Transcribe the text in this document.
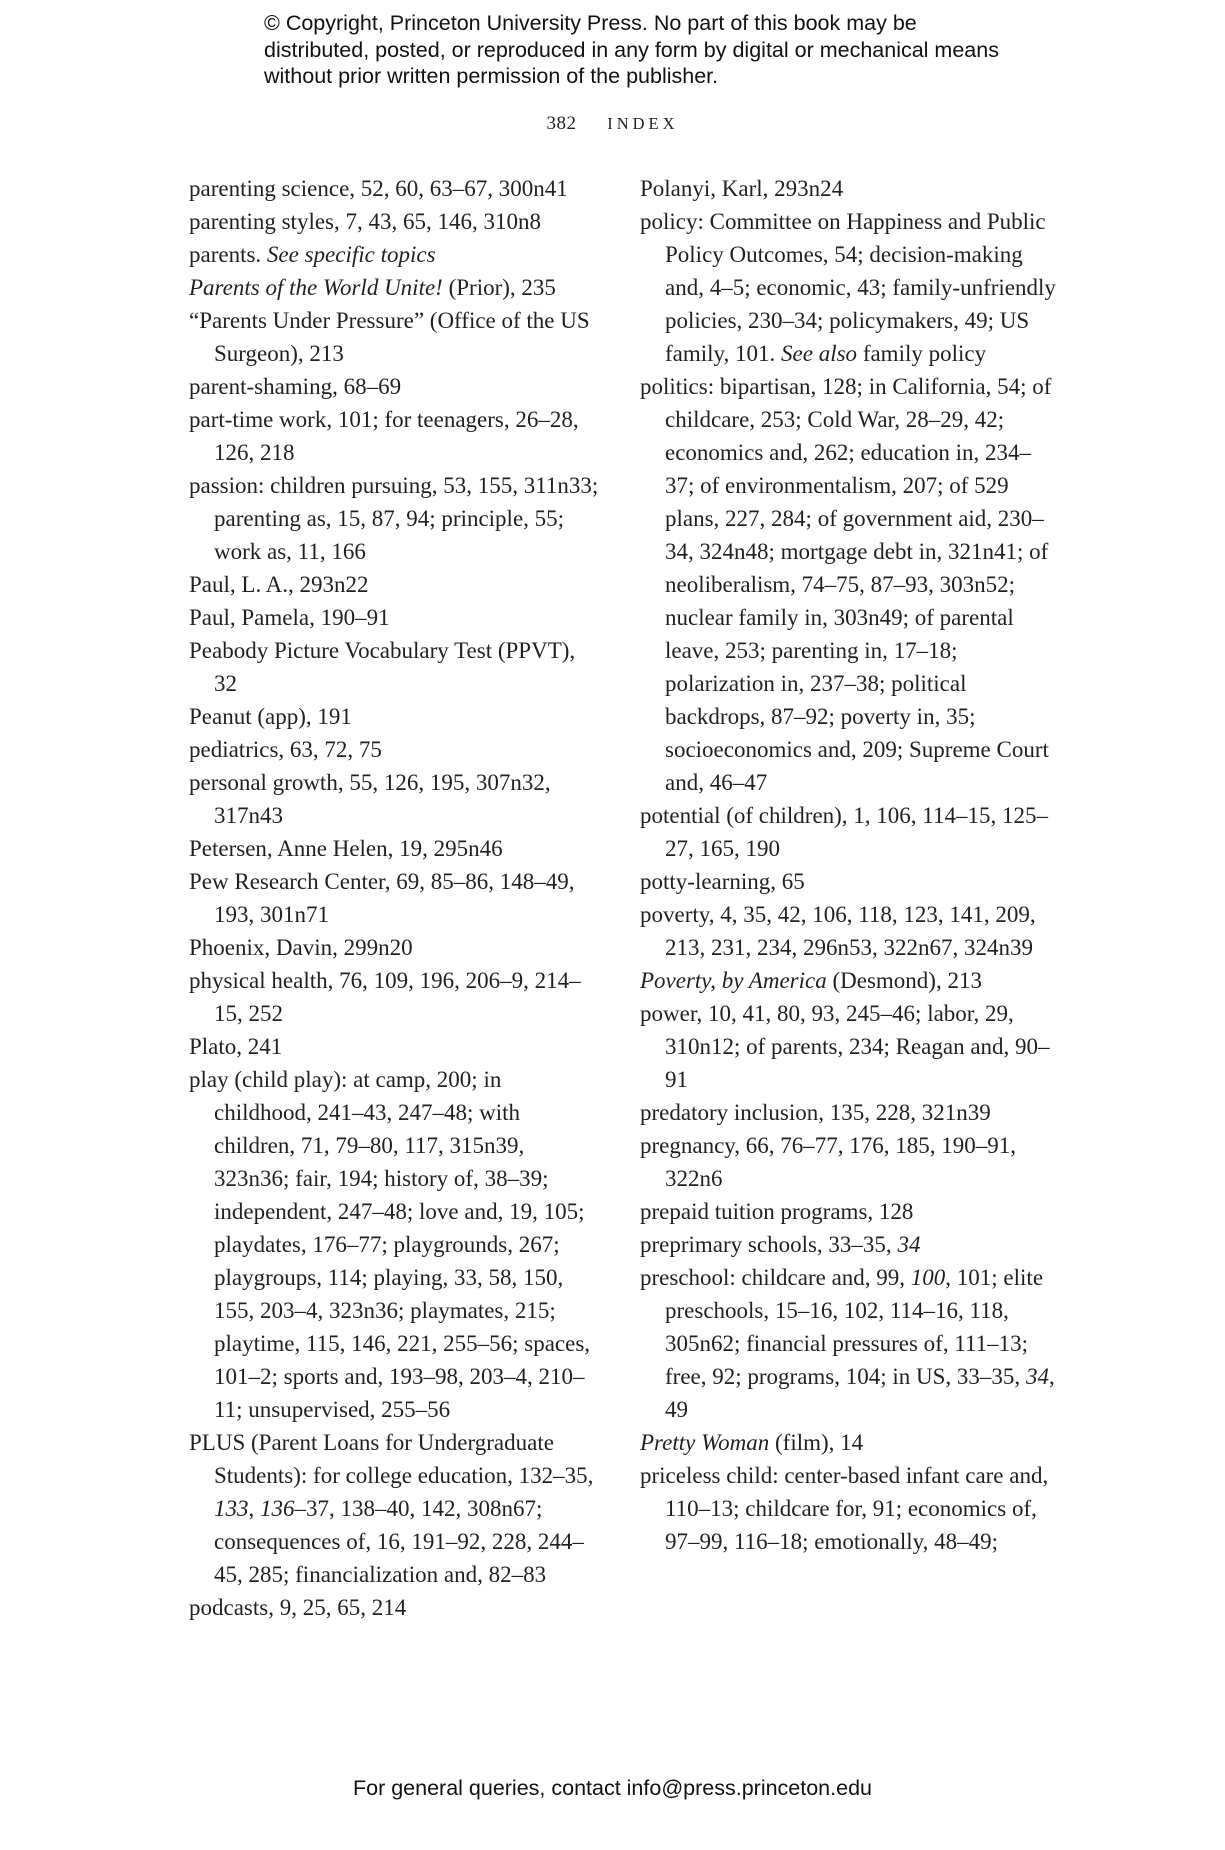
© Copyright, Princeton University Press. No part of this book may be distributed, posted, or reproduced in any form by digital or mechanical means without prior written permission of the publisher.
382 INDEX

parenting science, 52, 60, 63–67, 300n41

parenting styles, 7, 43, 65, 146, 310n8

parents. See specific topics

Parents of the World Unite! (Prior), 235

“Parents Under Pressure” (Office of the US Surgeon), 213

parent-shaming, 68–69

part-time work, 101; for teenagers, 26–28, 126, 218

passion: children pursuing, 53, 155, 311n33; parenting as, 15, 87, 94; principle, 55; work as, 11, 166

Paul, L. A., 293n22

Paul, Pamela, 190–91

Peabody Picture Vocabulary Test (PPVT), 32

Peanut (app), 191

pediatrics, 63, 72, 75

personal growth, 55, 126, 195, 307n32, 317n43

Petersen, Anne Helen, 19, 295n46

Pew Research Center, 69, 85–86, 148–49, 193, 301n71

Phoenix, Davin, 299n20

physical health, 76, 109, 196, 206–9, 214–15, 252

Plato, 241

play (child play): at camp, 200; in childhood, 241–43, 247–48; with children, 71, 79–80, 117, 315n39, 323n36; fair, 194; history of, 38–39; independent, 247–48; love and, 19, 105; playdates, 176–77; playgrounds, 267; playgroups, 114; playing, 33, 58, 150, 155, 203–4, 323n36; playmates, 215; playtime, 115, 146, 221, 255–56; spaces, 101–2; sports and, 193–98, 203–4, 210–11; unsupervised, 255–56

PLUS (Parent Loans for Undergraduate Students): for college education, 132–35, 133, 136–37, 138–40, 142, 308n67; consequences of, 16, 191–92, 228, 244–45, 285; financialization and, 82–83

podcasts, 9, 25, 65, 214

Polanyi, Karl, 293n24

policy: Committee on Happiness and Public Policy Outcomes, 54; decision-making and, 4–5; economic, 43; family-unfriendly policies, 230–34; policymakers, 49; US family, 101. See also family policy

politics: bipartisan, 128; in California, 54; of childcare, 253; Cold War, 28–29, 42; economics and, 262; education in, 234–37; of environmentalism, 207; of 529 plans, 227, 284; of government aid, 230–34, 324n48; mortgage debt in, 321n41; of neoliberalism, 74–75, 87–93, 303n52; nuclear family in, 303n49; of parental leave, 253; parenting in, 17–18; polarization in, 237–38; political backdrops, 87–92; poverty in, 35; socioeconomics and, 209; Supreme Court and, 46–47

potential (of children), 1, 106, 114–15, 125–27, 165, 190

potty-learning, 65

poverty, 4, 35, 42, 106, 118, 123, 141, 209, 213, 231, 234, 296n53, 322n67, 324n39

Poverty, by America (Desmond), 213

power, 10, 41, 80, 93, 245–46; labor, 29, 310n12; of parents, 234; Reagan and, 90–91

predatory inclusion, 135, 228, 321n39

pregnancy, 66, 76–77, 176, 185, 190–91, 322n6

prepaid tuition programs, 128

preprimary schools, 33–35, 34

preschool: childcare and, 99, 100, 101; elite preschools, 15–16, 102, 114–16, 118, 305n62; financial pressures of, 111–13; free, 92; programs, 104; in US, 33–35, 34, 49

Pretty Woman (film), 14

priceless child: center-based infant care and, 110–13; childcare for, 91; economics of, 97–99, 116–18; emotionally, 48–49;

For general queries, contact info@press.princeton.edu
